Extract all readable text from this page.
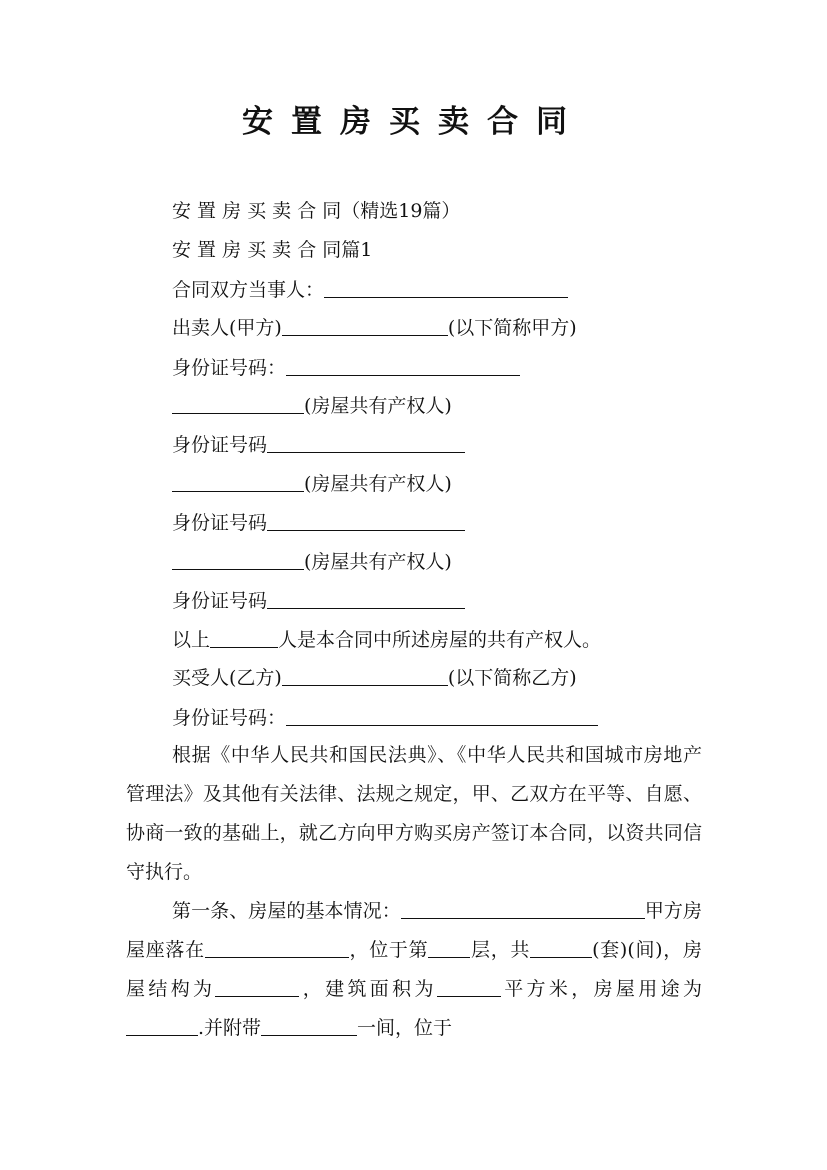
安置房买卖合同
安 置 房 买 卖 合 同（精选19篇）
安 置 房 买 卖 合 同篇1
合同双方当事人：
出卖人(甲方)	(以下简称甲方)
身份证号码：
(房屋共有产权人)
身份证号码
(房屋共有产权人)
身份证号码
(房屋共有产权人)
身份证号码
以上	人是本合同中所述房屋的共有产权人。
买受人(乙方)	(以下简称乙方)
身份证号码：
根据《中华人民共和国民法典》、《中华人民共和国城市房地产管理法》及其他有关法律、法规之规定，甲、乙双方在平等、自愿、协商一致的基础上，就乙方向甲方购买房产签订本合同，以资共同信守执行。
第一条、房屋的基本情况：	甲方房屋座落在	，位于第 层，共	(套)(间)，房屋结构为	，建筑面积为	平方米，房屋用途为.并附带	一间，位于
